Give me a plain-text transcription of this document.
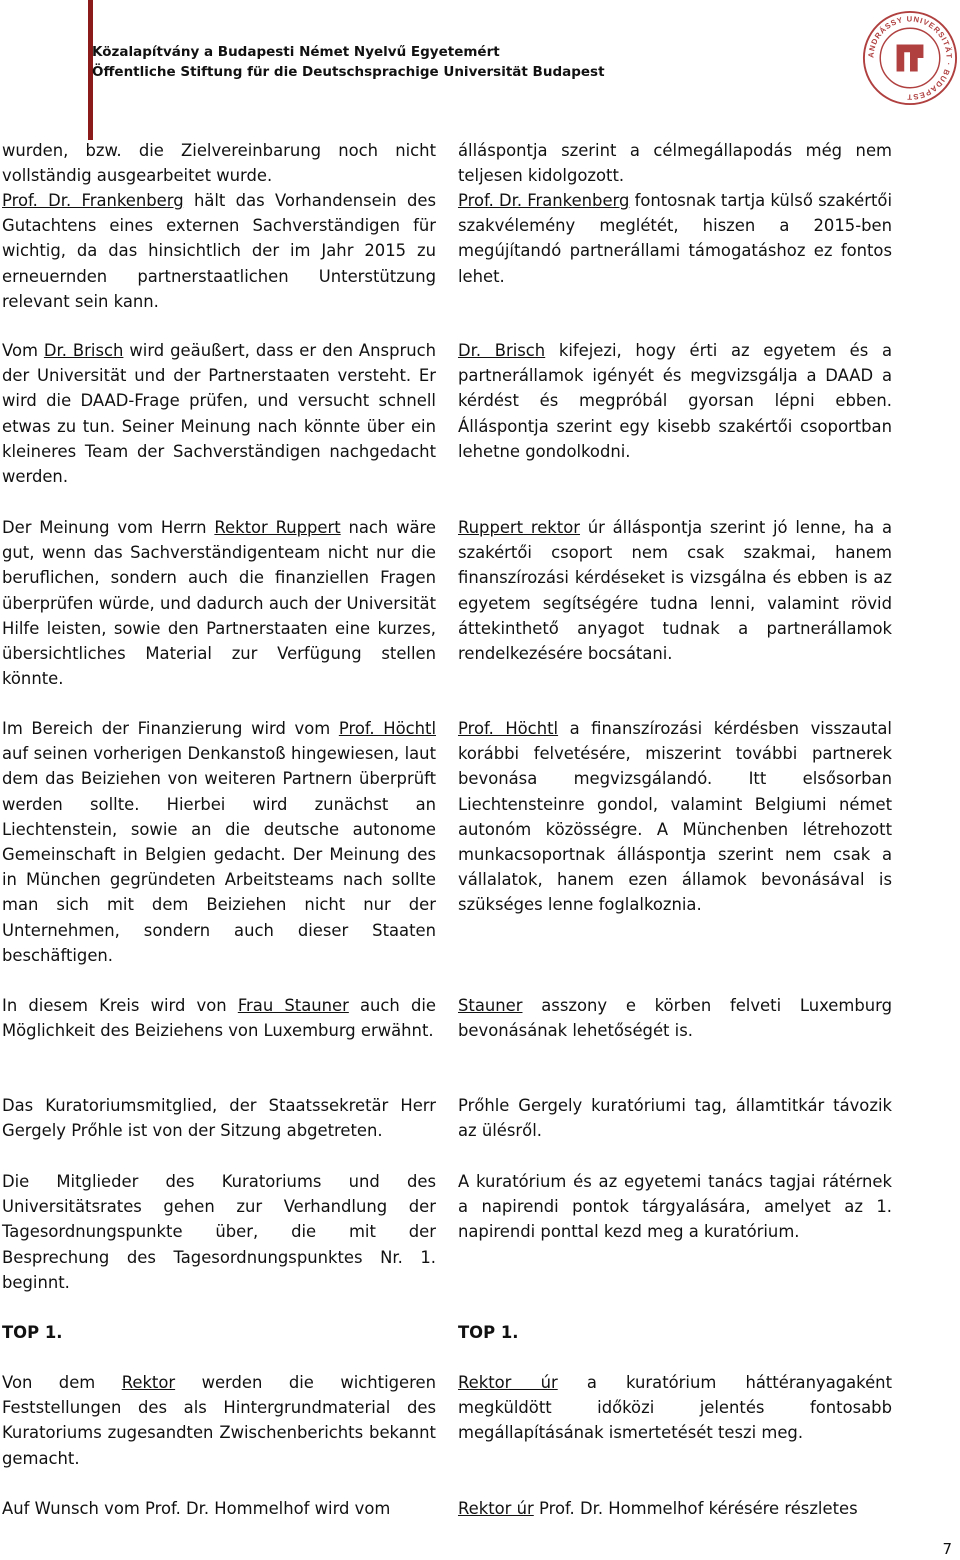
Közalapítvány a Budapesti Német Nyelvű Egyetemért
Öffentliche Stiftung für die Deutschsprachige Universität Budapest
ANDRÁSSY UNIVERSITÄT · BUDAPEST

wurden, bzw. die Zielvereinbarung noch nicht vollständig ausgearbeitet wurde.

Prof. Dr. Frankenberg hält das Vorhandensein des Gutachtens eines externen Sachverständigen für wichtig, da das hinsichtlich der im Jahr 2015 zu erneuernden partnerstaatlichen Unterstützung relevant sein kann.

Vom Dr. Brisch wird geäußert, dass er den Anspruch der Universität und der Partnerstaaten versteht. Er wird die DAAD-Frage prüfen, und versucht schnell etwas zu tun. Seiner Meinung nach könnte über ein kleineres Team der Sachverständigen nachgedacht werden.

Der Meinung vom Herrn Rektor Ruppert nach wäre gut, wenn das Sachverständigenteam nicht nur die beruflichen, sondern auch die finanziellen Fragen überprüfen würde, und dadurch auch der Universität Hilfe leisten, sowie den Partnerstaaten eine kurzes, übersichtliches Material zur Verfügung stellen könnte.

Im Bereich der Finanzierung wird vom Prof. Höchtl auf seinen vorherigen Denkanstoß hingewiesen, laut dem das Beiziehen von weiteren Partnern überprüft werden sollte. Hierbei wird zunächst an Liechtenstein, sowie an die deutsche autonome Gemeinschaft in Belgien gedacht. Der Meinung des in München gegründeten Arbeitsteams nach sollte man sich mit dem Beiziehen nicht nur der Unternehmen, sondern auch dieser Staaten beschäftigen.

In diesem Kreis wird von Frau Stauner auch die Möglichkeit des Beiziehens von Luxemburg erwähnt.

Das Kuratoriumsmitglied, der Staatssekretär Herr Gergely Prőhle ist von der Sitzung abgetreten.

Die Mitglieder des Kuratoriums und des Universitätsrates gehen zur Verhandlung der Tagesordnungspunkte über, die mit der Besprechung des Tagesordnungspunktes Nr. 1. beginnt.

TOP 1.

Von dem Rektor werden die wichtigeren Feststellungen des als Hintergrundmaterial des Kuratoriums zugesandten Zwischenberichts bekannt gemacht.

Auf Wunsch vom Prof. Dr. Hommelhof wird vom

álláspontja szerint a célmegállapodás még nem teljesen kidolgozott.

Prof. Dr. Frankenberg fontosnak tartja külső szakértői szakvélemény meglétét, hiszen a 2015-ben megújítandó partnerállami támogatáshoz ez fontos lehet.

Dr. Brisch kifejezi, hogy érti az egyetem és a partnerállamok igényét és megvizsgálja a DAAD a kérdést és megpróbál gyorsan lépni ebben. Álláspontja szerint egy kisebb szakértői csoportban lehetne gondolkodni.

Ruppert rektor úr álláspontja szerint jó lenne, ha a szakértői csoport nem csak szakmai, hanem finanszírozási kérdéseket is vizsgálna és ebben is az egyetem segítségére tudna lenni, valamint rövid áttekinthető anyagot tudnak a partnerállamok rendelkezésére bocsátani.

Prof. Höchtl a finanszírozási kérdésben visszautal korábbi felvetésére, miszerint további partnerek bevonása megvizsgálandó. Itt elsősorban Liechtensteinre gondol, valamint Belgiumi német autonóm közösségre. A Münchenben létrehozott munkacsoportnak álláspontja szerint nem csak a vállalatok, hanem ezen államok bevonásával is szükséges lenne foglalkoznia.

Stauner asszony e körben felveti Luxemburg bevonásának lehetőségét is.

Prőhle Gergely kuratóriumi tag, államtitkár távozik az ülésről.

A kuratórium és az egyetemi tanács tagjai rátérnek a napirendi pontok tárgyalására, amelyet az 1. napirendi ponttal kezd meg a kuratórium.

TOP 1.

Rektor úr a kuratórium háttéranyagaként megküldött időközi jelentés fontosabb megállapításának ismertetését teszi meg.

Rektor úr Prof. Dr. Hommelhof kérésére részletes

7
